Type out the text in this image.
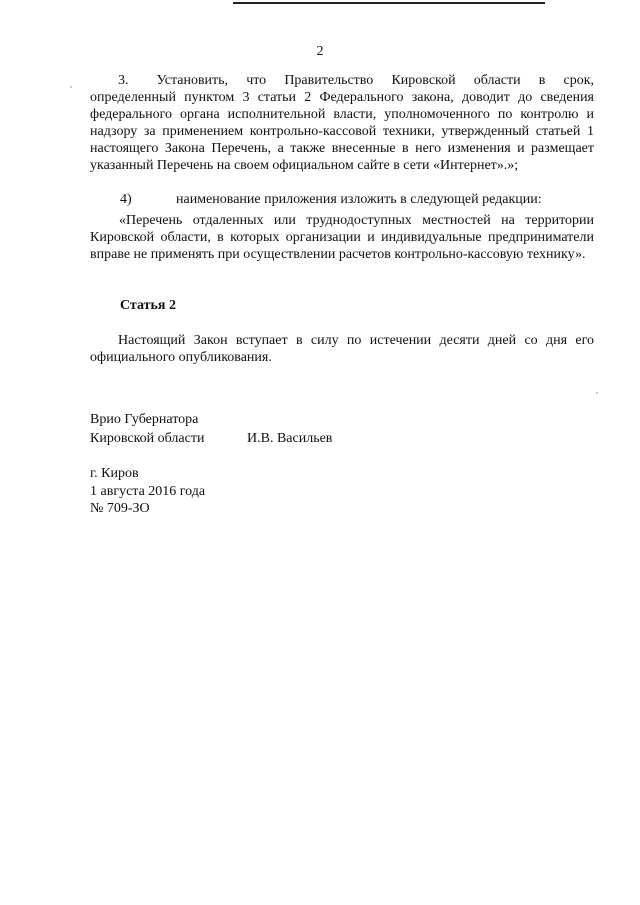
2

3.  Установить, что Правительство Кировской области в срок, определенный пунктом 3 статьи 2 Федерального закона, доводит до сведения федерального органа исполнительной власти, уполномоченного по контролю и надзору за применением контрольно-кассовой техники, утвержденный статьей 1 настоящего Закона Перечень, а также внесенные в него изменения и размещает указанный Перечень на своем официальном сайте в сети «Интернет».»;

4)	наименование приложения изложить в следующей редакции:

«Перечень отдаленных или труднодоступных местностей на территории Кировской области, в которых организации и индивидуальные предприниматели вправе не применять при осуществлении расчетов контрольно-кассовую технику».

Статья 2

Настоящий Закон вступает в силу по истечении десяти дней со дня его официального опубликования.

Врио Губернатора
Кировской области	И.В. Васильев
г. Киров
1 августа 2016 года
№ 709-ЗО
